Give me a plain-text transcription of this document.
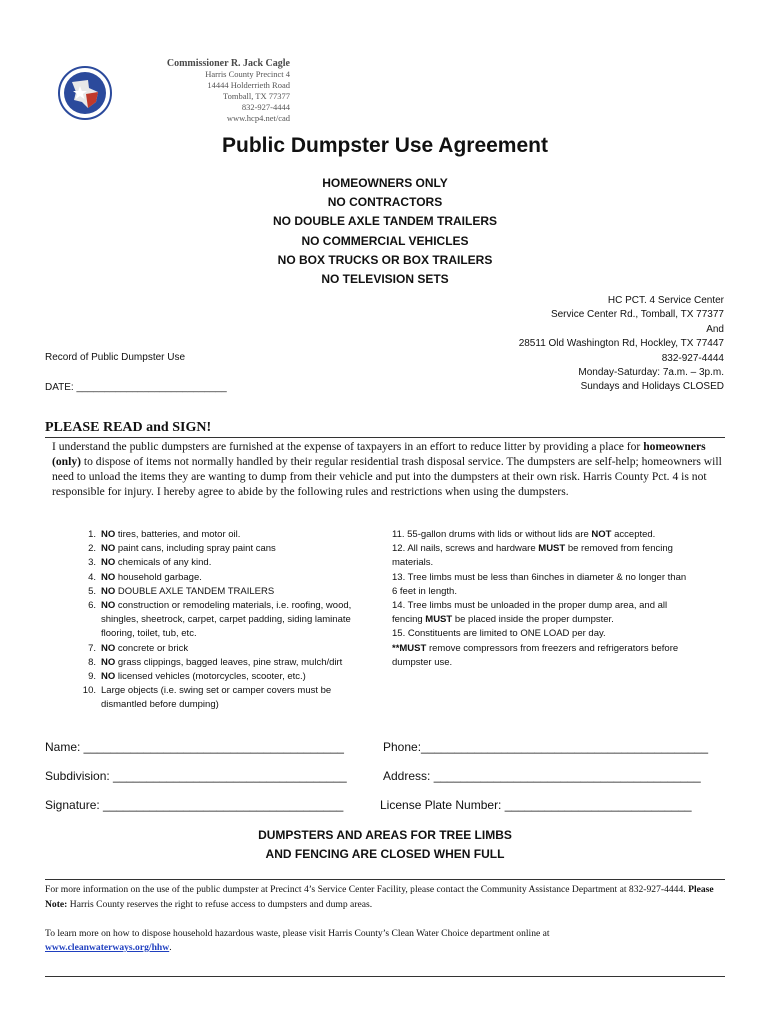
Commissioner R. Jack Cagle
Harris County Precinct 4
14444 Holderrieth Road
Tomball, TX 77377
832-927-4444
www.hcp4.net/cad
Public Dumpster Use Agreement
HOMEOWNERS ONLY
NO CONTRACTORS
NO DOUBLE AXLE TANDEM TRAILERS
NO COMMERCIAL VEHICLES
NO BOX TRUCKS OR BOX TRAILERS
NO TELEVISION SETS
HC PCT. 4 Service Center
Service Center Rd., Tomball, TX 77377
And
28511 Old Washington Rd, Hockley, TX 77447
832-927-4444
Monday-Saturday: 7a.m. – 3p.m.
Sundays and Holidays CLOSED
Record of Public Dumpster Use
DATE: ___________________________
PLEASE READ and SIGN!
I understand the public dumpsters are furnished at the expense of taxpayers in an effort to reduce litter by providing a place for homeowners (only) to dispose of items not normally handled by their regular residential trash disposal service. The dumpsters are self-help; homeowners will need to unload the items they are wanting to dump from their vehicle and put into the dumpsters at their own risk. Harris County Pct. 4 is not responsible for injury. I hereby agree to abide by the following rules and restrictions when using the dumpsters.
1. NO tires, batteries, and motor oil.
2. NO paint cans, including spray paint cans
3. NO chemicals of any kind.
4. NO household garbage.
5. NO DOUBLE AXLE TANDEM TRAILERS
6. NO construction or remodeling materials, i.e. roofing, wood,
shingles, sheetrock, carpet, carpet padding, siding laminate
flooring, toilet, tub, etc.
7. NO concrete or brick
8. NO grass clippings, bagged leaves, pine straw, mulch/dirt
9. NO licensed vehicles (motorcycles, scooter, etc.)
10. Large objects (i.e. swing set or camper covers must be
dismantled before dumping)
11. 55-gallon drums with lids or without lids are NOT accepted.
12. All nails, screws and hardware MUST be removed from fencing
materials.
13. Tree limbs must be less than 6inches in diameter & no longer than
6 feet in length.
14. Tree limbs must be unloaded in the proper dump area, and all
fencing MUST be placed inside the proper dumpster.
15. Constituents are limited to ONE LOAD per day.
**MUST remove compressors from freezers and refrigerators before
dumpster use.
Name: _______________________________________	Phone:___________________________________________
Subdivision: ___________________________________	Address: ________________________________________
Signature: ____________________________________	License Plate Number: ____________________________
DUMPSTERS AND AREAS FOR TREE LIMBS
AND FENCING ARE CLOSED WHEN FULL
For more information on the use of the public dumpster at Precinct 4’s Service Center Facility, please contact the Community Assistance Department at 832-927-4444. Please Note: Harris County reserves the right to refuse access to dumpsters and dump areas.
To learn more on how to dispose household hazardous waste, please visit Harris County’s Clean Water Choice department online at
www.cleanwaterways.org/hhw.
